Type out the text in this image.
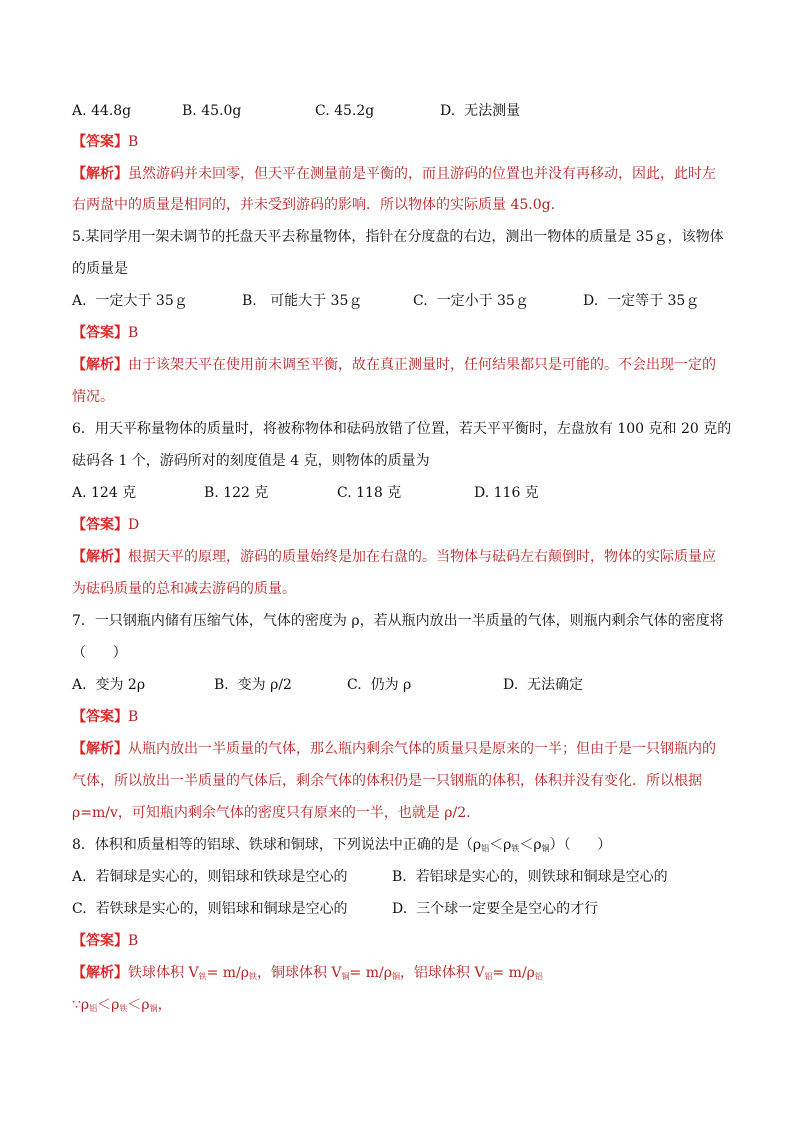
A. 44.8g	B. 45.0g	C. 45.2g	D.  无法测量
【答案】B
【解析】虽然游码并未回零，但天平在测量前是平衡的，而且游码的位置也并没有再移动，因此，此时左
右两盘中的质量是相同的，并未受到游码的影响．所以物体的实际质量 45.0g.
5.某同学用一架未调节的托盘天平去称量物体，指针在分度盘的右边，测出一物体的质量是 35ｇ，该物体
的质量是
A.  一定大于 35ｇ	B.   可能大于 35ｇ	C.  一定小于 35ｇ	D.  一定等于 35ｇ
【答案】B
【解析】由于该架天平在使用前未调至平衡，故在真正测量时，任何结果都只是可能的。不会出现一定的
情况。
6．用天平称量物体的质量时，将被称物体和砝码放错了位置，若天平平衡时，左盘放有 100 克和 20 克的
砝码各 1 个，游码所对的刻度值是 4 克，则物体的质量为
A. 124 克	B. 122 克	C. 118 克	D. 116 克
【答案】D
【解析】根据天平的原理，游码的质量始终是加在右盘的。当物体与砝码左右颠倒时，物体的实际质量应
为砝码质量的总和减去游码的质量。
7．一只钢瓶内储有压缩气体，气体的密度为 ρ，若从瓶内放出一半质量的气体，则瓶内剩余气体的密度将
（      ）
A.  变为 2ρ	B.  变为 ρ/2	C.  仍为 ρ	D.  无法确定
【答案】B
【解析】从瓶内放出一半质量的气体，那么瓶内剩余气体的质量只是原来的一半；但由于是一只钢瓶内的
气体，所以放出一半质量的气体后，剩余气体的体积仍是一只钢瓶的体积，体积并没有变化．所以根据
ρ=m/v，可知瓶内剩余气体的密度只有原来的一半，也就是 ρ/2.
8．体积和质量相等的铝球、铁球和铜球，下列说法中正确的是$(\rho_铝<\rho_铁<\rho_铜)$（      ）
A.  若铜球是实心的，则铝球和铁球是空心的	B.  若铝球是实心的，则铁球和铜球是空心的
C.  若铁球是实心的，则铝球和铜球是空心的	D.  三个球一定要全是空心的才行
【答案】B
【解析】铁球体积 $V_铁= m/\rho_铁$，铜球体积 $V_铜= m/\rho_铜$，铝球体积 $V_铝= m/\rho_铝$
$\because\rho_铝<\rho_铁<\rho_铜$，
